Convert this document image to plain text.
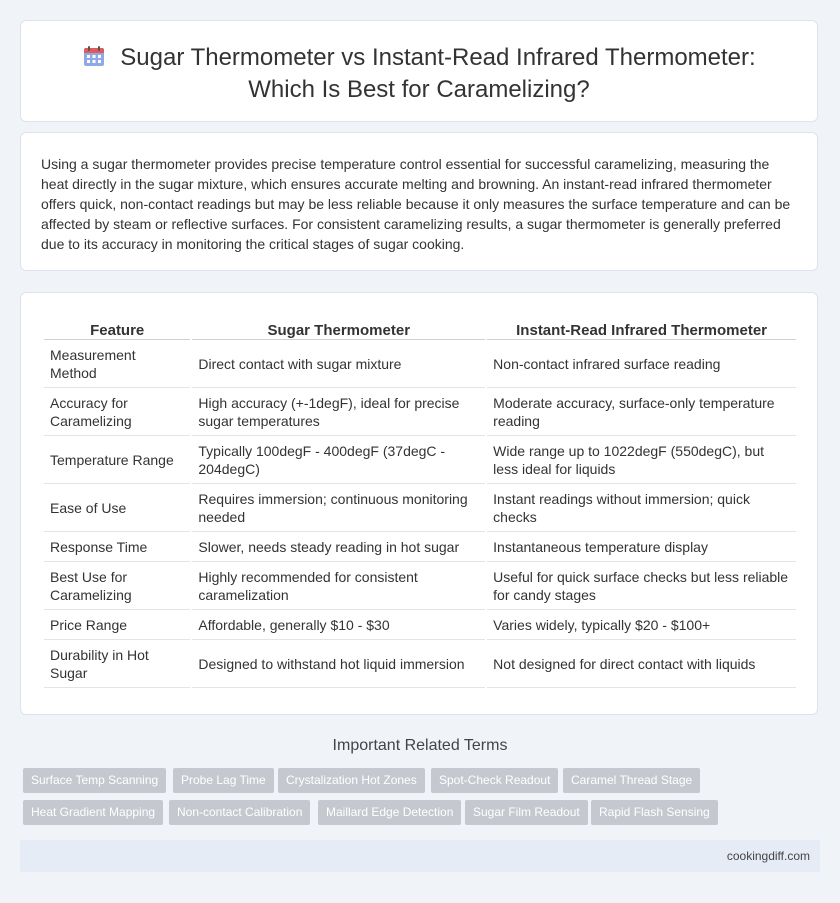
Sugar Thermometer vs Instant-Read Infrared Thermometer: Which Is Best for Caramelizing?

Using a sugar thermometer provides precise temperature control essential for successful caramelizing, measuring the heat directly in the sugar mixture, which ensures accurate melting and browning. An instant-read infrared thermometer offers quick, non-contact readings but may be less reliable because it only measures the surface temperature and can be affected by steam or reflective surfaces. For consistent caramelizing results, a sugar thermometer is generally preferred due to its accuracy in monitoring the critical stages of sugar cooking.

Feature	Sugar Thermometer	Instant-Read Infrared Thermometer
Measurement Method	Direct contact with sugar mixture	Non-contact infrared surface reading
Accuracy for Caramelizing	High accuracy (+-1degF), ideal for precise sugar temperatures	Moderate accuracy, surface-only temperature reading
Temperature Range	Typically 100degF - 400degF (37degC - 204degC)	Wide range up to 1022degF (550degC), but less ideal for liquids
Ease of Use	Requires immersion; continuous monitoring needed	Instant readings without immersion; quick checks
Response Time	Slower, needs steady reading in hot sugar	Instantaneous temperature display
Best Use for Caramelizing	Highly recommended for consistent caramelization	Useful for quick surface checks but less reliable for candy stages
Price Range	Affordable, generally $10 - $30	Varies widely, typically $20 - $100+
Durability in Hot Sugar	Designed to withstand hot liquid immersion	Not designed for direct contact with liquids
Important Related Terms
Surface Temp Scanning	Probe Lag Time	Crystalization Hot Zones	Spot-Check Readout	Caramel Thread Stage
Heat Gradient Mapping	Non-contact Calibration	Maillard Edge Detection	Sugar Film Readout	Rapid Flash Sensing
cookingdiff.com
